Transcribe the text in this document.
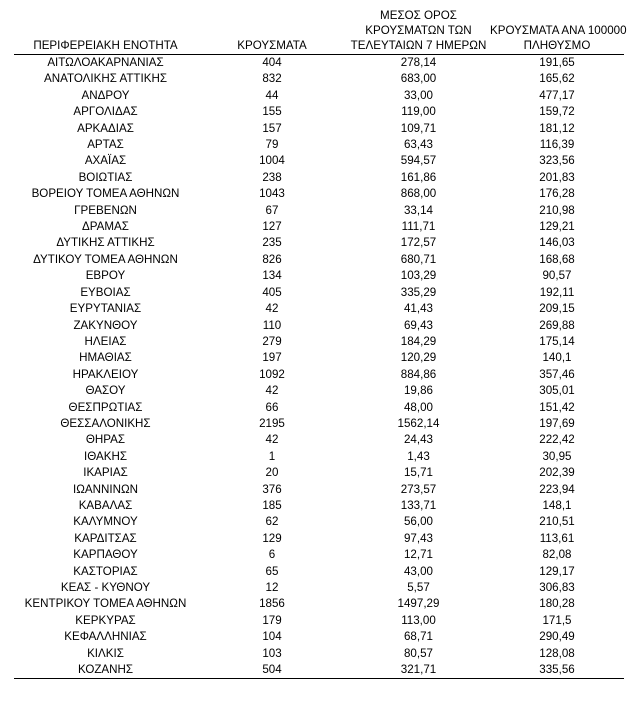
ΠΕΡΙΦΕΡΕΙΑΚΗ ΕΝΟΤΗΤΑ	ΚΡΟΥΣΜΑΤΑ	ΜΕΣΟΣ ΟΡΟΣ
ΚΡΟΥΣΜΑΤΩΝ ΤΩΝ
ΤΕΛΕΥΤΑΙΩΝ 7 ΗΜΕΡΩΝ	ΚΡΟΥΣΜΑΤΑ ΑΝΑ 100000
ΠΛΗΘΥΣΜΟ

ΑΙΤΩΛΟΑΚΑΡΝΑΝΙΑΣ	404	278,14	191,65
ΑΝΑΤΟΛΙΚΗΣ ΑΤΤΙΚΗΣ	832	683,00	165,62
ΑΝΔΡΟΥ	44	33,00	477,17
ΑΡΓΟΛΙΔΑΣ	155	119,00	159,72
ΑΡΚΑΔΙΑΣ	157	109,71	181,12
ΑΡΤΑΣ	79	63,43	116,39
ΑΧΑΪΑΣ	1004	594,57	323,56
ΒΟΙΩΤΙΑΣ	238	161,86	201,83
ΒΟΡΕΙΟΥ ΤΟΜΕΑ ΑΘΗΝΩΝ	1043	868,00	176,28
ΓΡΕΒΕΝΩΝ	67	33,14	210,98
ΔΡΑΜΑΣ	127	111,71	129,21
ΔΥΤΙΚΗΣ ΑΤΤΙΚΗΣ	235	172,57	146,03
ΔΥΤΙΚΟΥ ΤΟΜΕΑ ΑΘΗΝΩΝ	826	680,71	168,68
ΕΒΡΟΥ	134	103,29	90,57
ΕΥΒΟΙΑΣ	405	335,29	192,11
ΕΥΡΥΤΑΝΙΑΣ	42	41,43	209,15
ΖΑΚΥΝΘΟΥ	110	69,43	269,88
ΗΛΕΙΑΣ	279	184,29	175,14
ΗΜΑΘΙΑΣ	197	120,29	140,1
ΗΡΑΚΛΕΙΟΥ	1092	884,86	357,46
ΘΑΣΟΥ	42	19,86	305,01
ΘΕΣΠΡΩΤΙΑΣ	66	48,00	151,42
ΘΕΣΣΑΛΟΝΙΚΗΣ	2195	1562,14	197,69
ΘΗΡΑΣ	42	24,43	222,42
ΙΘΑΚΗΣ	1	1,43	30,95
ΙΚΑΡΙΑΣ	20	15,71	202,39
ΙΩΑΝΝΙΝΩΝ	376	273,57	223,94
ΚΑΒΑΛΑΣ	185	133,71	148,1
ΚΑΛΥΜΝΟΥ	62	56,00	210,51
ΚΑΡΔΙΤΣΑΣ	129	97,43	113,61
ΚΑΡΠΑΘΟΥ	6	12,71	82,08
ΚΑΣΤΟΡΙΑΣ	65	43,00	129,17
ΚΕΑΣ - ΚΥΘΝΟΥ	12	5,57	306,83
ΚΕΝΤΡΙΚΟΥ ΤΟΜΕΑ ΑΘΗΝΩΝ	1856	1497,29	180,28
ΚΕΡΚΥΡΑΣ	179	113,00	171,5
ΚΕΦΑΛΛΗΝΙΑΣ	104	68,71	290,49
ΚΙΛΚΙΣ	103	80,57	128,08
ΚΟΖΑΝΗΣ	504	321,71	335,56
